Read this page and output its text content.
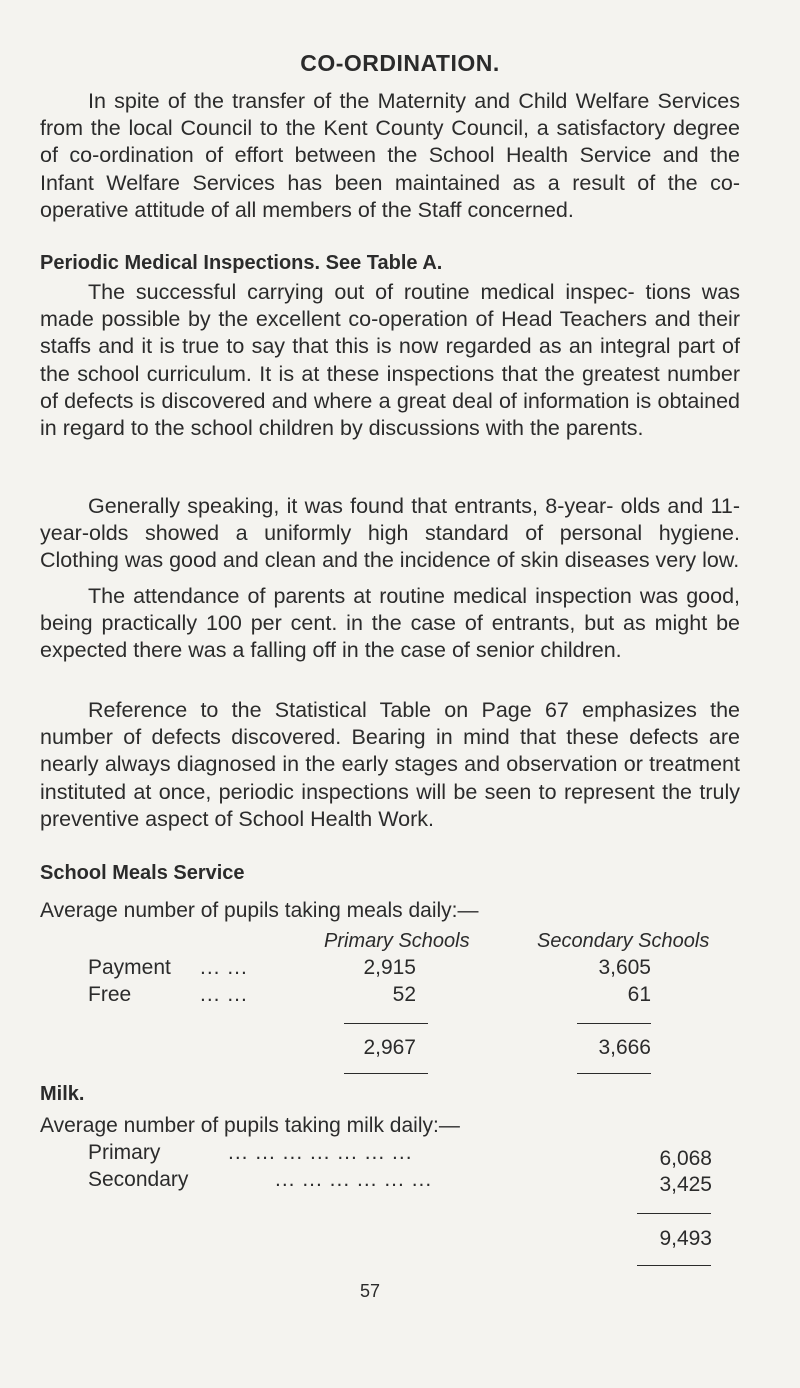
CO-ORDINATION.

In spite of the transfer of the Maternity and Child Welfare Services from the local Council to the Kent County Council, a satisfactory degree of co-ordination of effort between the School Health Service and the Infant Welfare Services has been maintained as a result of the co-operative attitude of all members of the Staff concerned.

Periodic Medical Inspections. See Table A.

The successful carrying out of routine medical inspec- tions was made possible by the excellent co-operation of Head Teachers and their staffs and it is true to say that this is now regarded as an integral part of the school curriculum. It is at these inspections that the greatest number of defects is discovered and where a great deal of information is obtained in regard to the school children by discussions with the parents.

Generally speaking, it was found that entrants, 8-year- olds and 11-year-olds showed a uniformly high standard of personal hygiene. Clothing was good and clean and the incidence of skin diseases very low.

The attendance of parents at routine medical inspection was good, being practically 100 per cent. in the case of entrants, but as might be expected there was a falling off in the case of senior children.

Reference to the Statistical Table on Page 67 emphasizes the number of defects discovered. Bearing in mind that these defects are nearly always diagnosed in the early stages and observation or treatment instituted at once, periodic inspections will be seen to represent the truly preventive aspect of School Health Work.

School Meals Service
Average number of pupils taking meals daily:—
Primary Schools	Secondary Schools
Payment ... ...	2,915	3,605
Free	... ...	52	61
2,967	3,666
Milk.
Average number of pupils taking milk daily:—
Primary	... ... ... ... ... ... ...	6,068
Secondary	... ... ... ... ... ...	3,425
9,493
57
